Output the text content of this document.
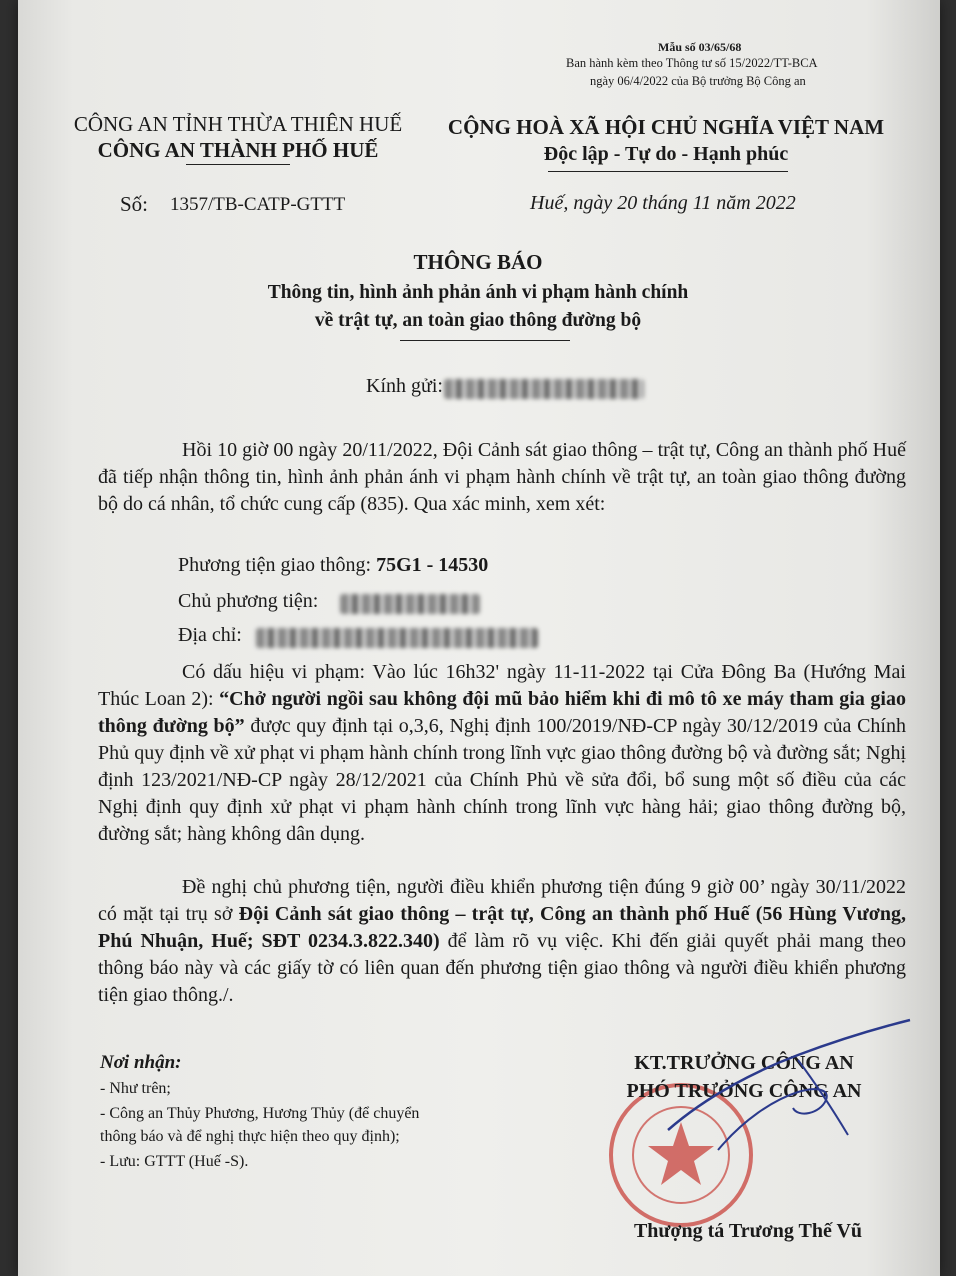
Mẫu số 03/65/68
Ban hành kèm theo Thông tư số 15/2022/TT-BCA
ngày 06/4/2022 của Bộ trưởng Bộ Công an
CÔNG AN TỈNH THỪA THIÊN HUẾ
CÔNG AN THÀNH PHỐ HUẾ
CỘNG HOÀ XÃ HỘI CHỦ NGHĨA VIỆT NAM
Độc lập - Tự do - Hạnh phúc
Số: 1357/TB-CATP-GTTT	Huế, ngày 20 tháng 11 năm 2022
THÔNG BÁO
Thông tin, hình ảnh phản ánh vi phạm hành chính
về trật tự, an toàn giao thông đường bộ
Kính gửi:
Hồi 10 giờ 00 ngày 20/11/2022, Đội Cảnh sát giao thông – trật tự, Công an thành phố Huế đã tiếp nhận thông tin, hình ảnh phản ánh vi phạm hành chính về trật tự, an toàn giao thông đường bộ do cá nhân, tổ chức cung cấp (835). Qua xác minh, xem xét:
Phương tiện giao thông: 75G1 - 14530
Chủ phương tiện:
Địa chỉ:
Có dấu hiệu vi phạm: Vào lúc 16h32' ngày 11-11-2022 tại Cửa Đông Ba (Hướng Mai Thúc Loan 2): “Chở người ngồi sau không đội mũ bảo hiểm khi đi mô tô xe máy tham gia giao thông đường bộ” được quy định tại o,3,6, Nghị định 100/2019/NĐ-CP ngày 30/12/2019 của Chính Phủ quy định về xử phạt vi phạm hành chính trong lĩnh vực giao thông đường bộ và đường sắt; Nghị định 123/2021/NĐ-CP ngày 28/12/2021 của Chính Phủ về sửa đổi, bổ sung một số điều của các Nghị định quy định xử phạt vi phạm hành chính trong lĩnh vực hàng hải; giao thông đường bộ, đường sắt; hàng không dân dụng.
Đề nghị chủ phương tiện, người điều khiển phương tiện đúng 9 giờ 00’ ngày 30/11/2022 có mặt tại trụ sở Đội Cảnh sát giao thông – trật tự, Công an thành phố Huế (56 Hùng Vương, Phú Nhuận, Huế; SĐT 0234.3.822.340) để làm rõ vụ việc. Khi đến giải quyết phải mang theo thông báo này và các giấy tờ có liên quan đến phương tiện giao thông và người điều khiển phương tiện giao thông./.
Nơi nhận:
- Như trên;
- Công an Thủy Phương, Hương Thủy (để chuyển
thông báo và để nghị thực hiện theo quy định);
- Lưu: GTTT (Huế -S).
KT.TRƯỞNG CÔNG AN
PHÓ TRƯỞNG CÔNG AN
Thượng tá Trương Thế Vũ
